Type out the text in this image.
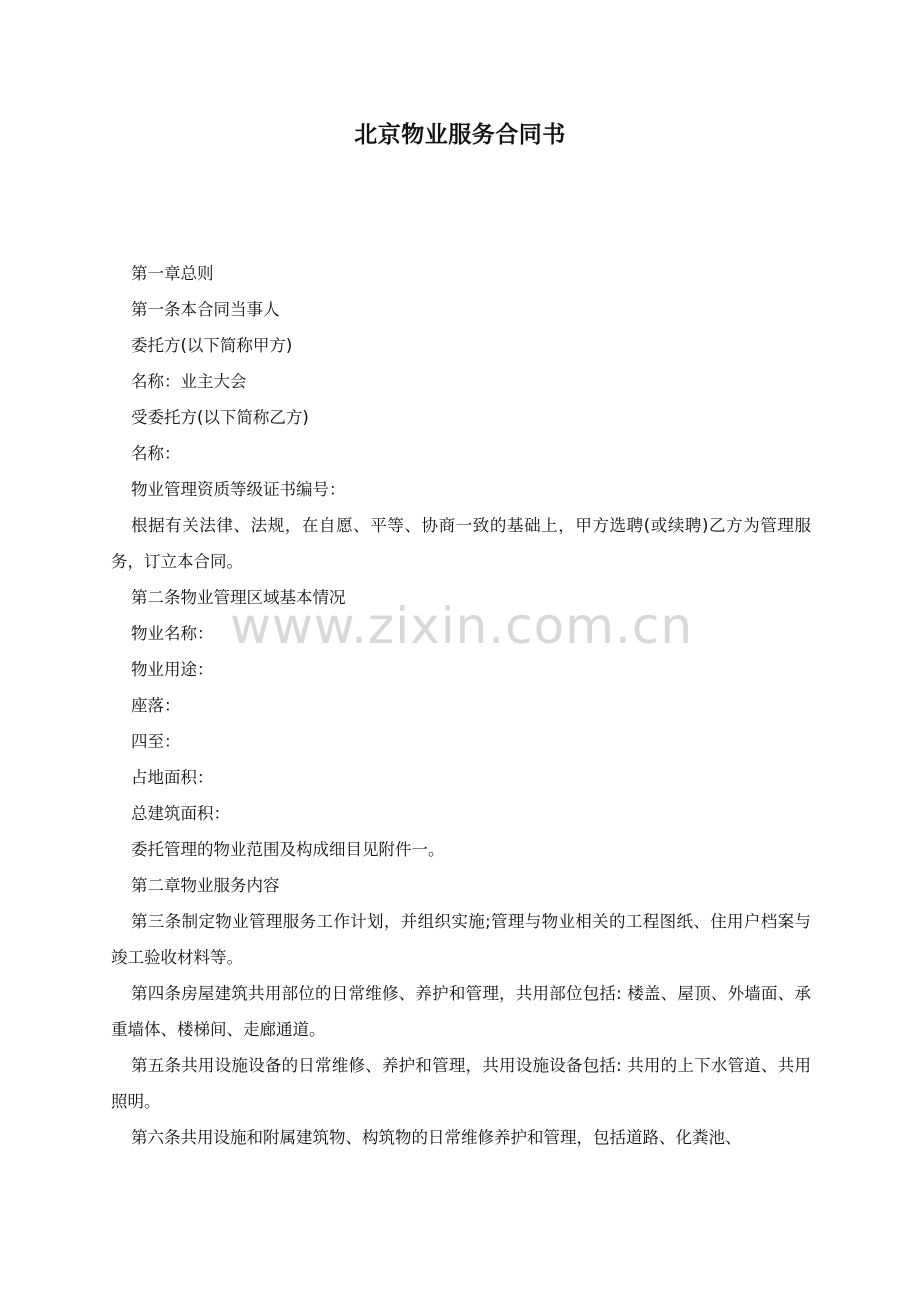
北京物业服务合同书

第一章总则

第一条本合同当事人

委托方(以下简称甲方)

名称：业主大会

受委托方(以下简称乙方)

名称：

物业管理资质等级证书编号：

根据有关法律、法规，在自愿、平等、协商一致的基础上，甲方选聘(或续聘)乙方为管理服务，订立本合同。

第二条物业管理区域基本情况

物业名称：

物业用途：

座落：

四至：

占地面积：

总建筑面积：

委托管理的物业范围及构成细目见附件一。

第二章物业服务内容

第三条制定物业管理服务工作计划，并组织实施;管理与物业相关的工程图纸、住用户档案与竣工验收材料等。

第四条房屋建筑共用部位的日常维修、养护和管理，共用部位包括: 楼盖、屋顶、外墙面、承重墙体、楼梯间、走廊通道。

第五条共用设施设备的日常维修、养护和管理，共用设施设备包括: 共用的上下水管道、共用照明。

第六条共用设施和附属建筑物、构筑物的日常维修养护和管理，包括道路、化粪池、

www.zixin.com.cn
